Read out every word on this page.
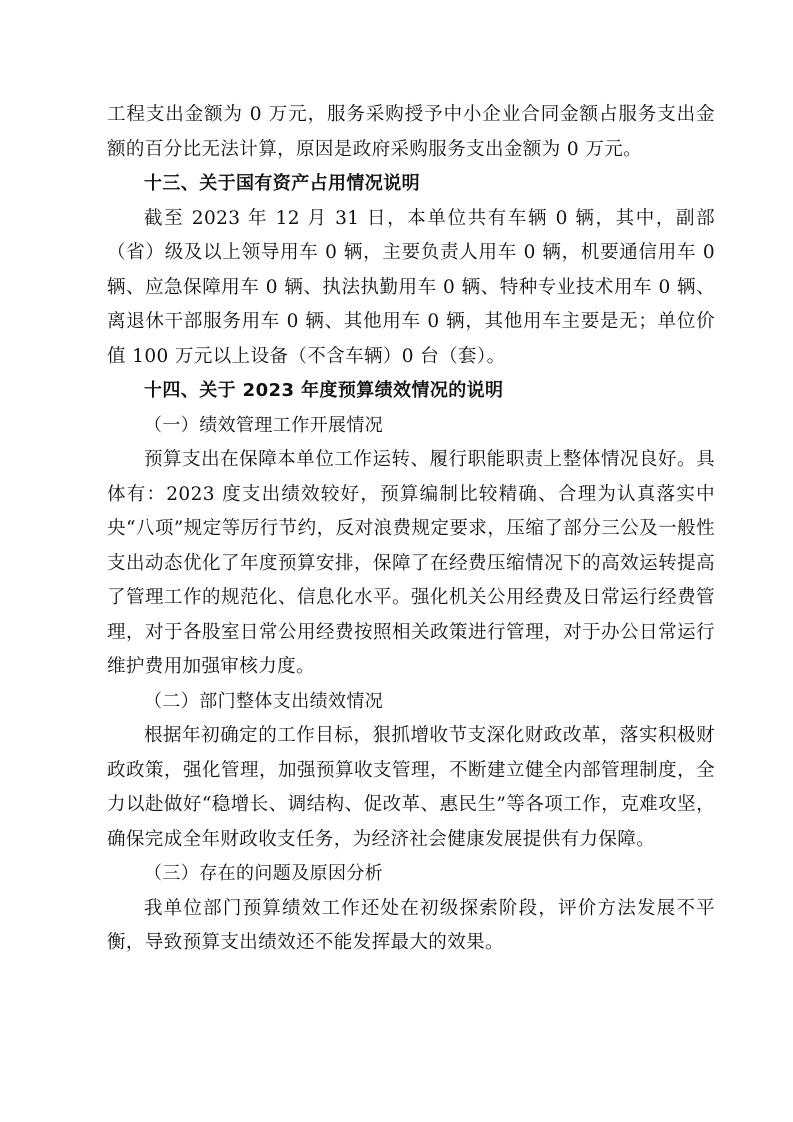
工程支出金额为 0 万元，服务采购授予中小企业合同金额占服务支出金额的百分比无法计算，原因是政府采购服务支出金额为 0 万元。

十三、关于国有资产占用情况说明

截至 2023 年 12 月 31 日，本单位共有车辆 0 辆，其中，副部（省）级及以上领导用车 0 辆，主要负责人用车 0 辆，机要通信用车 0 辆、应急保障用车 0 辆、执法执勤用车 0 辆、特种专业技术用车 0 辆、离退休干部服务用车 0 辆、其他用车 0 辆，其他用车主要是无；单位价值 100 万元以上设备（不含车辆）0 台（套）。

十四、关于 2023 年度预算绩效情况的说明

（一）绩效管理工作开展情况

预算支出在保障本单位工作运转、履行职能职责上整体情况良好。具体有：2023 度支出绩效较好，预算编制比较精确、合理为认真落实中央“八项”规定等厉行节约，反对浪费规定要求，压缩了部分三公及一般性支出动态优化了年度预算安排，保障了在经费压缩情况下的高效运转提高了管理工作的规范化、信息化水平。强化机关公用经费及日常运行经费管理，对于各股室日常公用经费按照相关政策进行管理，对于办公日常运行维护费用加强审核力度。

（二）部门整体支出绩效情况

根据年初确定的工作目标，狠抓增收节支深化财政改革，落实积极财政政策，强化管理，加强预算收支管理，不断建立健全内部管理制度，全力以赴做好“稳增长、调结构、促改革、惠民生”等各项工作，克难攻坚，确保完成全年财政收支任务，为经济社会健康发展提供有力保障。

（三）存在的问题及原因分析

我单位部门预算绩效工作还处在初级探索阶段，评价方法发展不平衡，导致预算支出绩效还不能发挥最大的效果。
